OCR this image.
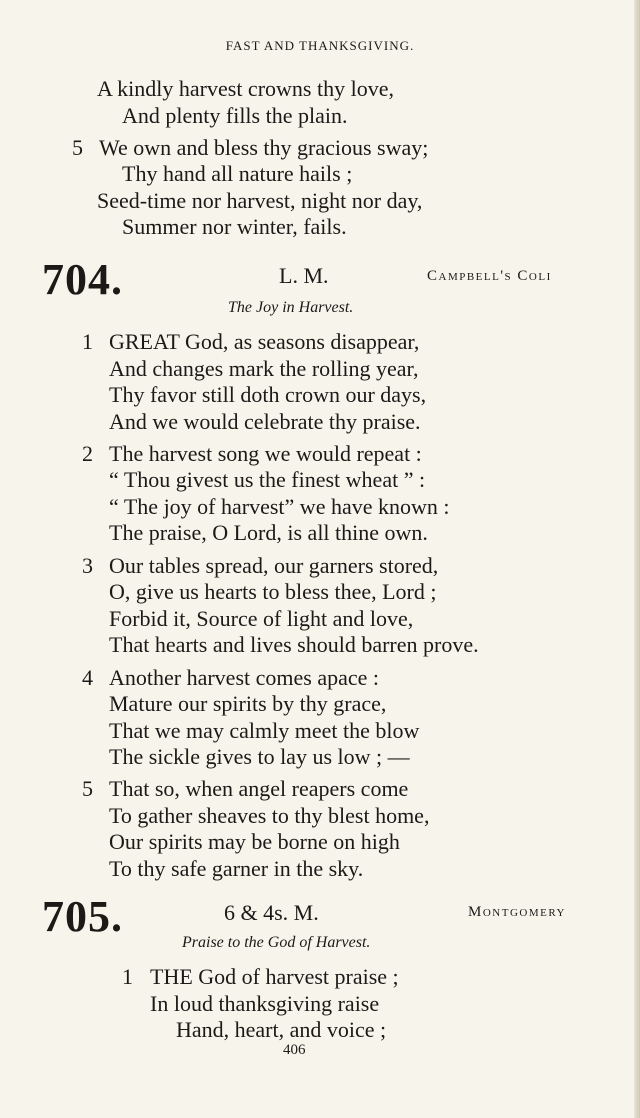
FAST AND THANKSGIVING.
A kindly harvest crowns thy love,
And plenty fills the plain.
5 We own and bless thy gracious sway;
Thy hand all nature hails ;
Seed-time nor harvest, night nor day,
Summer nor winter, fails.
704.	L. M.	Campbell's Coli
The Joy in Harvest.
1 GREAT God, as seasons disappear,
And changes mark the rolling year,
Thy favor still doth crown our days,
And we would celebrate thy praise.
2 The harvest song we would repeat :
“ Thou givest us the finest wheat ” :
“ The joy of harvest” we have known :
The praise, O Lord, is all thine own.
3 Our tables spread, our garners stored,
O, give us hearts to bless thee, Lord ;
Forbid it, Source of light and love,
That hearts and lives should barren prove.
4 Another harvest comes apace :
Mature our spirits by thy grace,
That we may calmly meet the blow
The sickle gives to lay us low ; —
5 That so, when angel reapers come
To gather sheaves to thy blest home,
Our spirits may be borne on high
To thy safe garner in the sky.
705.	6 & 4s. M.	Montgomery
Praise to the God of Harvest.
1 THE God of harvest praise ;
In loud thanksgiving raise
Hand, heart, and voice ;
406
